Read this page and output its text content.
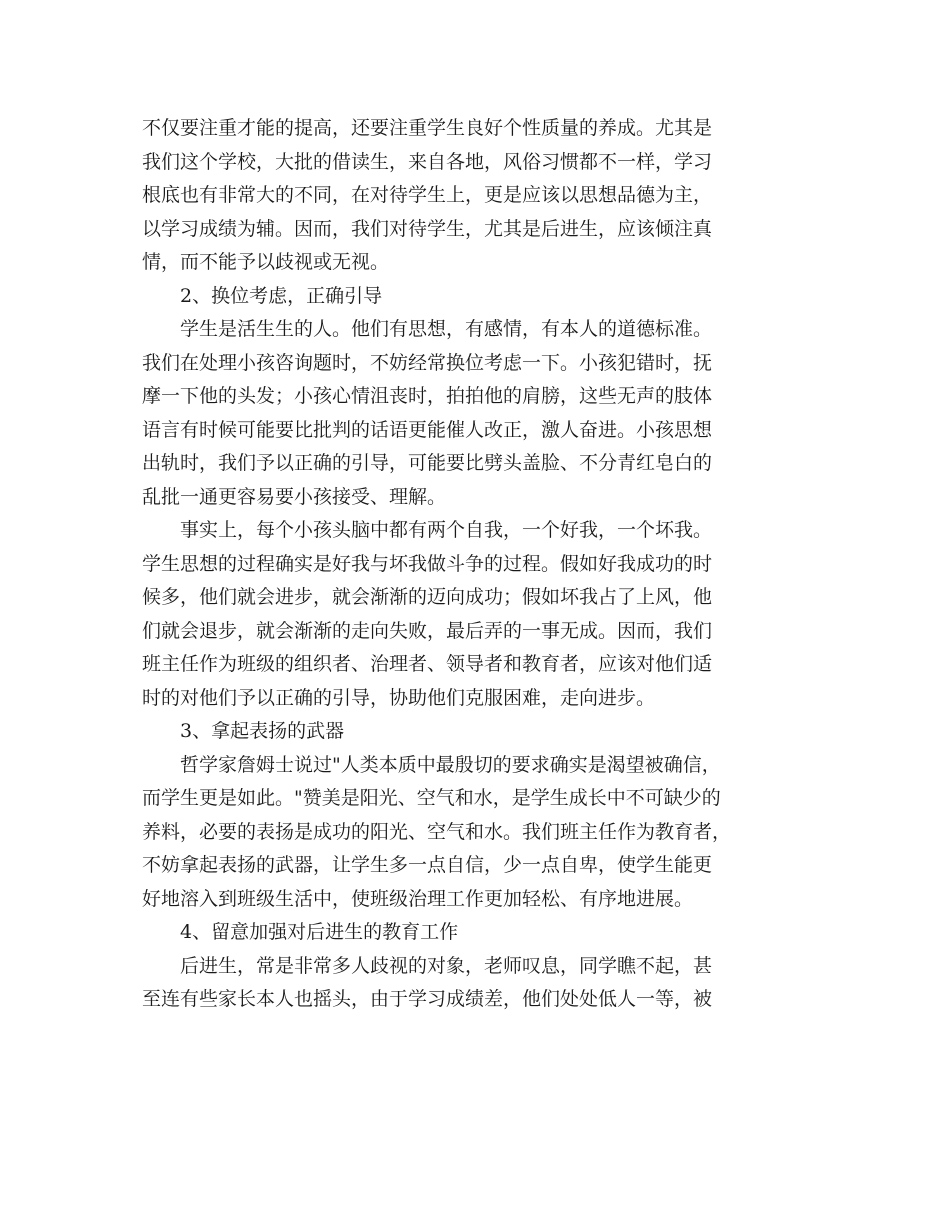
不仅要注重才能的提高，还要注重学生良好个性质量的养成。尤其是
我们这个学校，大批的借读生，来自各地，风俗习惯都不一样，学习
根底也有非常大的不同，在对待学生上，更是应该以思想品德为主，
以学习成绩为辅。因而，我们对待学生，尤其是后进生，应该倾注真
情，而不能予以歧视或无视。
2、换位考虑，正确引导
学生是活生生的人。他们有思想，有感情，有本人的道德标准。
我们在处理小孩咨询题时，不妨经常换位考虑一下。小孩犯错时，抚
摩一下他的头发；小孩心情沮丧时，拍拍他的肩膀，这些无声的肢体
语言有时候可能要比批判的话语更能催人改正，激人奋进。小孩思想
出轨时，我们予以正确的引导，可能要比劈头盖脸、不分青红皂白的
乱批一通更容易要小孩接受、理解。
事实上，每个小孩头脑中都有两个自我，一个好我，一个坏我。
学生思想的过程确实是好我与坏我做斗争的过程。假如好我成功的时
候多，他们就会进步，就会渐渐的迈向成功；假如坏我占了上风，他
们就会退步，就会渐渐的走向失败，最后弄的一事无成。因而，我们
班主任作为班级的组织者、治理者、领导者和教育者，应该对他们适
时的对他们予以正确的引导，协助他们克服困难，走向进步。
3、拿起表扬的武器
哲学家詹姆士说过"人类本质中最殷切的要求确实是渴望被确信，
而学生更是如此。"赞美是阳光、空气和水，是学生成长中不可缺少的
养料，必要的表扬是成功的阳光、空气和水。我们班主任作为教育者，
不妨拿起表扬的武器，让学生多一点自信，少一点自卑，使学生能更
好地溶入到班级生活中，使班级治理工作更加轻松、有序地进展。
4、留意加强对后进生的教育工作
后进生，常是非常多人歧视的对象，老师叹息，同学瞧不起，甚
至连有些家长本人也摇头，由于学习成绩差，他们处处低人一等，被
